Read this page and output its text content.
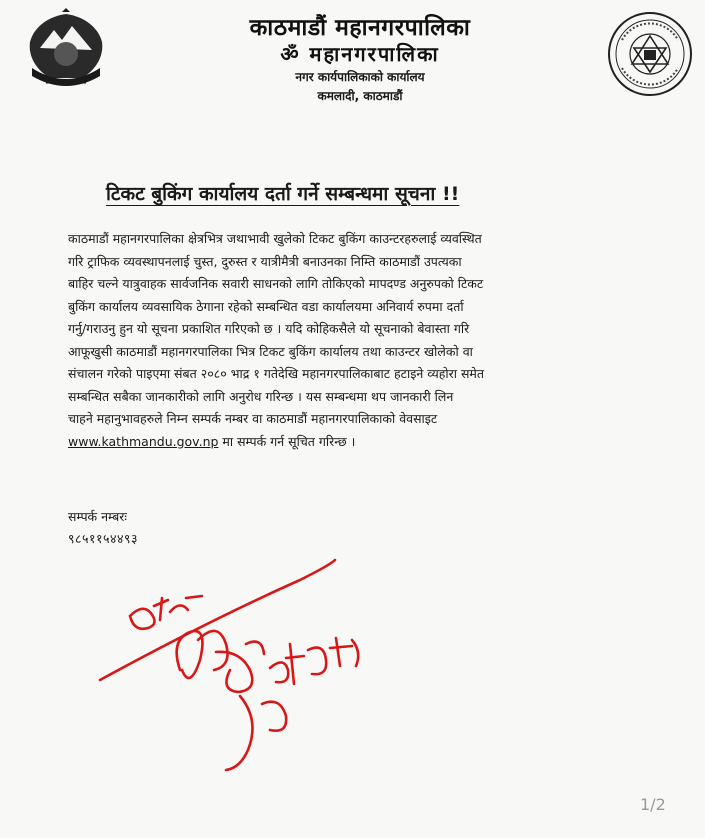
काठमाडौं महानगरपालिका
ॐ महानगरपालिका
नगर कार्यपालिकाको कार्यालय
कमलादी, काठमाडौं
टिकट बुकिंग कार्यालय दर्ता गर्ने सम्बन्धमा सूचना !!
काठमाडौं महानगरपालिका क्षेत्रभित्र जथाभावी खुलेको टिकट बुकिंग काउन्टरहरुलाई व्यवस्थित
गरि ट्राफिक व्यवस्थापनलाई चुस्त, दुरुस्त र यात्रीमैत्री बनाउनका निम्ति काठमाडौं उपत्यका
बाहिर चल्ने यात्रुवाहक सार्वजनिक सवारी साधनको लागि तोकिएको मापदण्ड अनुरुपको टिकट
बुकिंग कार्यालय व्यवसायिक ठेगाना रहेको सम्बन्धित वडा कार्यालयमा अनिवार्य रुपमा दर्ता
गर्नु/गराउनु हुन यो सूचना प्रकाशित गरिएको छ । यदि कोहिकसैले यो सूचनाको बेवास्ता गरि
आफूखुसी काठमाडौं महानगरपालिका भित्र टिकट बुकिंग कार्यालय तथा काउन्टर खोलेको वा
संचालन गरेको पाइएमा संबत २०८० भाद्र १ गतेदेखि महानगरपालिकाबाट हटाइने व्यहोरा समेत
सम्बन्धित सबैका जानकारीको लागि अनुरोध गरिन्छ । यस सम्बन्धमा थप जानकारी लिन
चाहने महानुभावहरुले निम्न सम्पर्क नम्बर वा काठमाडौं महानगरपालिकाको वेवसाइट
www.kathmandu.gov.np मा सम्पर्क गर्न सूचित गरिन्छ ।
सम्पर्क नम्बरः
९८५११५४४९३
1/2
